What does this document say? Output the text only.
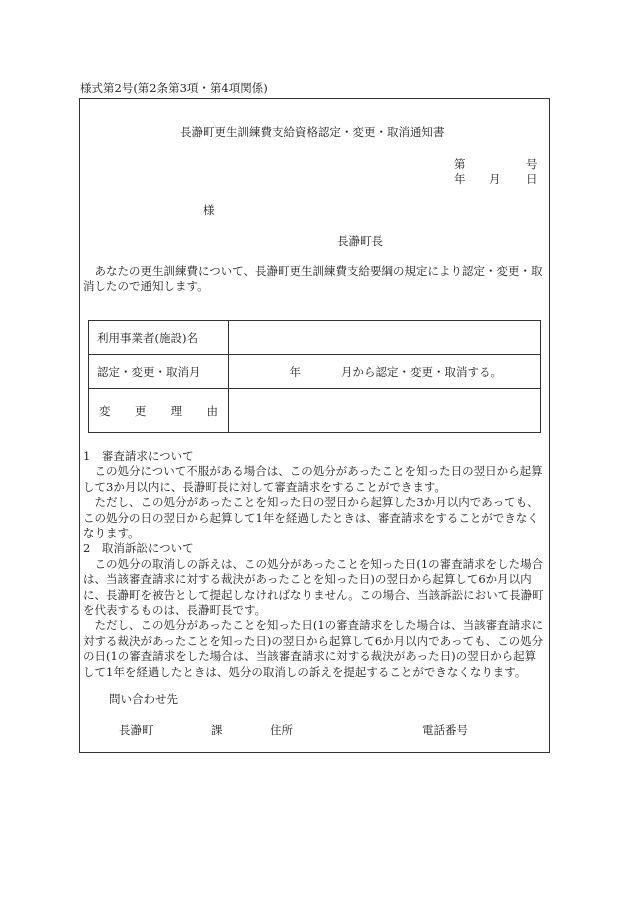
様式第2号(第2条第3項・第4項関係)
長瀞町更生訓練費支給資格認定・変更・取消通知書
第	号
年 月 日
様
長瀞町長
あなたの更生訓練費について、長瀞町更生訓練費支給要綱の規定により認定・変更・取消したので通知します。
利用事業者(施設)名	
認定・変更・取消月	年 月から認定・変更・取消する。

変 更 理 由	

1　審査請求について

この処分について不服がある場合は、この処分があったことを知った日の翌日から起算して3か月以内に、長瀞町長に対して審査請求をすることができます。

ただし、この処分があったことを知った日の翌日から起算した3か月以内であっても、この処分の日の翌日から起算して1年を経過したときは、審査請求をすることができなくなります。

2　取消訴訟について

この処分の取消しの訴えは、この処分があったことを知った日(1の審査請求をした場合は、当該審査請求に対する裁決があったことを知った日)の翌日から起算して6か月以内に、長瀞町を被告として提起しなければなりません。この場合、当該訴訟において長瀞町を代表するものは、長瀞町長です。

ただし、この処分があったことを知った日(1の審査請求をした場合は、当該審査請求に対する裁決があったことを知った日)の翌日から起算して6か月以内であっても、この処分の日(1の審査請求をした場合は、当該審査請求に対する裁決があった日)の翌日から起算して1年を経過したときは、処分の取消しの訴えを提起することができなくなります。

問い合わせ先
長瀞町	課	住所	電話番号
